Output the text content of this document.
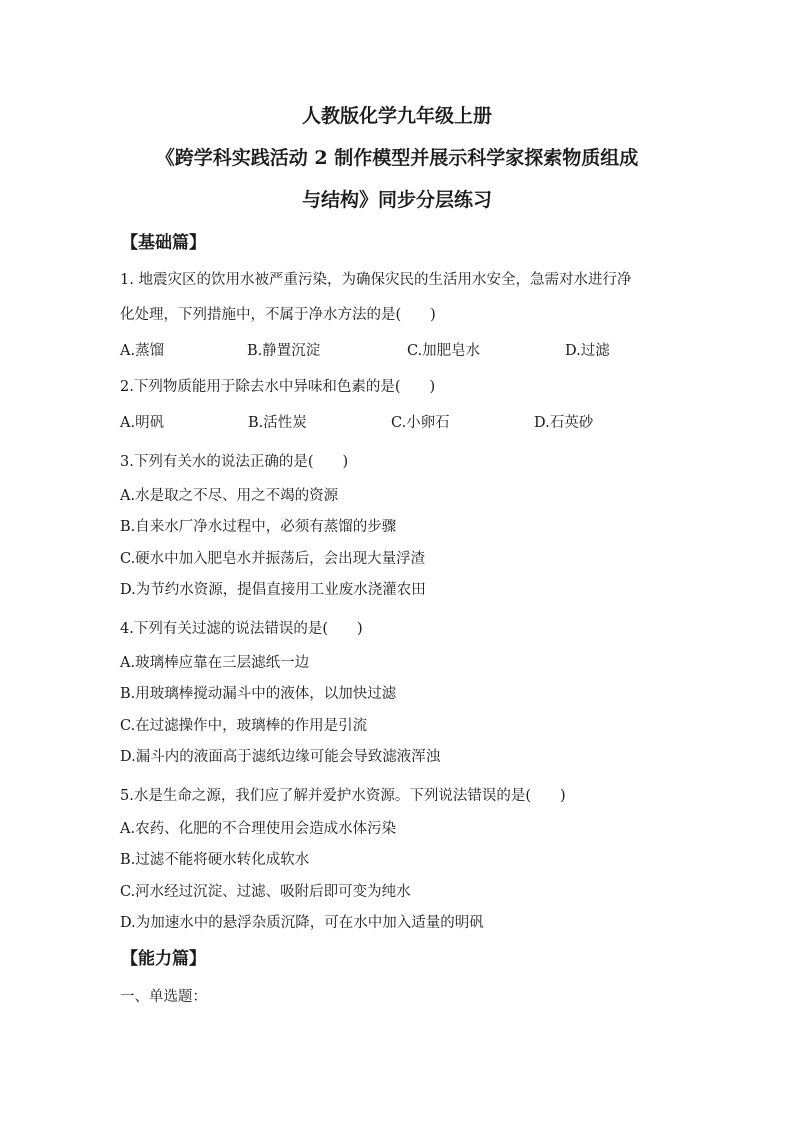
人教版化学九年级上册
《跨学科实践活动 2 制作模型并展示科学家探索物质组成
与结构》同步分层练习
【基础篇】
1. 地震灾区的饮用水被严重污染，为确保灾民的生活用水安全，急需对水进行净
化处理，下列措施中，不属于净水方法的是(　　)
A.蒸馏	B.静置沉淀	C.加肥皂水	D.过滤
2.下列物质能用于除去水中异味和色素的是(　　)
A.明矾	B.活性炭	C.小卵石	D.石英砂
3.下列有关水的说法正确的是(　　)
A.水是取之不尽、用之不竭的资源
B.自来水厂净水过程中，必须有蒸馏的步骤
C.硬水中加入肥皂水并振荡后，会出现大量浮渣
D.为节约水资源，提倡直接用工业废水浇灌农田
4.下列有关过滤的说法错误的是(　　)
A.玻璃棒应靠在三层滤纸一边
B.用玻璃棒搅动漏斗中的液体，以加快过滤
C.在过滤操作中，玻璃棒的作用是引流
D.漏斗内的液面高于滤纸边缘可能会导致滤液浑浊
5.水是生命之源，我们应了解并爱护水资源。下列说法错误的是(　　)
A.农药、化肥的不合理使用会造成水体污染
B.过滤不能将硬水转化成软水
C.河水经过沉淀、过滤、吸附后即可变为纯水
D.为加速水中的悬浮杂质沉降，可在水中加入适量的明矾
【能力篇】
一、单选题：
